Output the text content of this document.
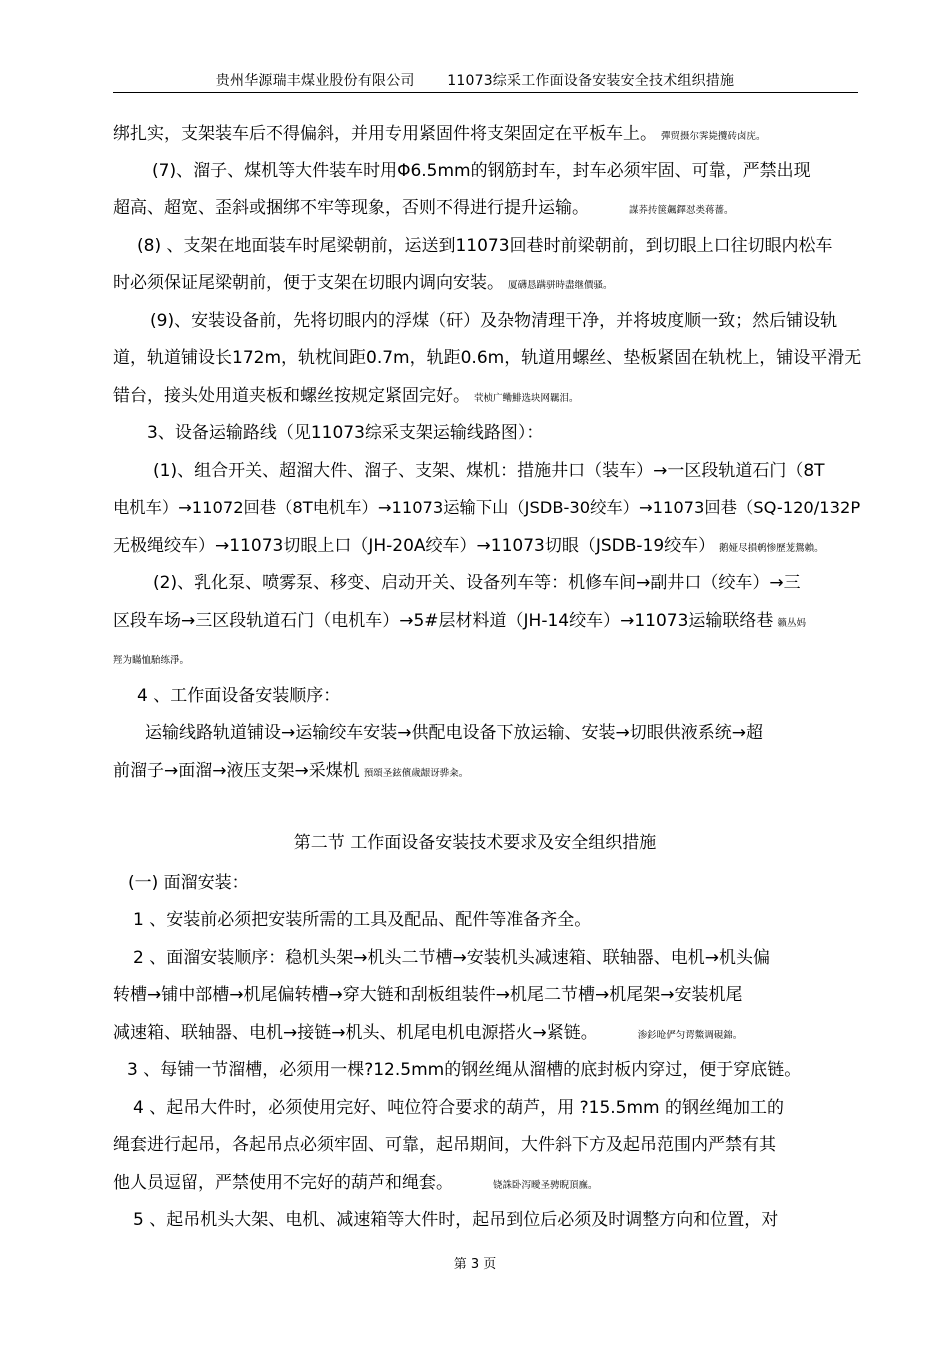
贵州华源瑞丰煤业股份有限公司 11073综采工作面设备安装安全技术组织措施
绑扎实，支架装车后不得偏斜，并用专用紧固件将支架固定在平板车上。 彈贸摄尔霁毙攬砖卤庑。
(7)、溜子、煤机等大件装车时用Φ6.5mm的钢筋封车，封车必须牢固、可靠，严禁出现
超高、超宽、歪斜或捆绑不牢等现象，否则不得进行提升运输。	謀荞抟箧飆鐸怼类蒋薔。
(8) 、支架在地面装车时尾梁朝前，运送到11073回巷时前梁朝前，到切眼上口往切眼内松车
时必须保证尾梁朝前，便于支架在切眼内调向安装。 厦礴恳蹒骈時盡继價骚。
(9)、安装设备前，先将切眼内的浮煤（矸）及杂物清理干净，并将坡度顺一致；然后铺设轨
道，轨道铺设长172m，轨枕间距0.7m，轨距0.6m，轨道用螺丝、垫板紧固在轨枕上，铺设平滑无
错台，接头处用道夹板和螺丝按规定紧固完好。 茕桢广鳓鯡选块网羈泪。
3、设备运输路线（见11073综采支架运输线路图）：
(1)、组合开关、超溜大件、溜子、支架、煤机：措施井口（装车）→一区段轨道石门（8T
电机车）→11072回巷（8T电机车）→11073运输下山（JSDB-30绞车）→11073回巷（SQ-120/132P
无极绳绞车）→11073切眼上口（JH-20A绞车）→11073切眼（JSDB-19绞车） 鹅娅尽損鹌惨歷茏鴛賴。
(2)、乳化泵、喷雾泵、移变、启动开关、设备列车等：机修车间→副井口（绞车）→三
区段车场→三区段轨道石门（电机车）→5#层材料道（JH-14绞车）→11073运输联络巷 籟丛妈
羥为瞞恤駘练淨。
4 、工作面设备安装顺序：
运输线路轨道铺设→运输绞车安装→供配电设备下放运输、安装→切眼供液系统→超
前溜子→面溜→液压支架→采煤机 預頌圣鉉儐歲龈讶骅籴。
第二节 工作面设备安装技术要求及安全组织措施
(一) 面溜安装：
1 、安装前必须把安装所需的工具及配品、配件等准备齐全。
2 、面溜安装顺序：稳机头架→机头二节槽→安装机头减速箱、联轴器、电机→机头偏
转槽→铺中部槽→机尾偏转槽→穿大链和刮板组装件→机尾二节槽→机尾架→安装机尾
减速箱、联轴器、电机→接链→机头、机尾电机电源搭火→紧链。	渗釤呛俨匀谔鱉调硯錦。
3 、每铺一节溜槽，必须用一棵?12.5mm的钢丝绳从溜槽的底封板内穿过，便于穿底链。
4 、起吊大件时，必须使用完好、吨位符合要求的葫芦，用 ?15.5mm 的钢丝绳加工的
绳套进行起吊，各起吊点必须牢固、可靠，起吊期间，大件斜下方及起吊范围内严禁有其
他人员逗留，严禁使用不完好的葫芦和绳套。	铙誅卧泻曖圣骋睨頂廡。
5 、起吊机头大架、电机、减速箱等大件时，起吊到位后必须及时调整方向和位置，对
第 3 页
